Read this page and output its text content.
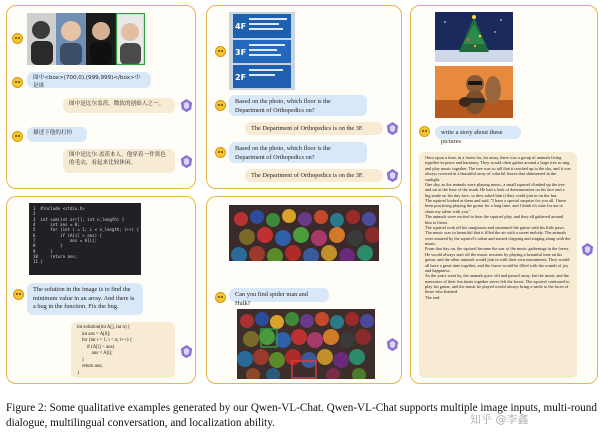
图中<box>(700,0),(999,999)</box>中是谁
图中是比尔盖茨，微软的创始人之一。
描述下他的打扮
图中是比尔·盖茨本人，他穿着一件黑色的毛衣，看起来比较休闲。
4F
3F
2F
Based on the photo, which floor is the Department of Orthopedics on?
The Department of Orthopedics is on the 3F.
Based on the photo, which floor is the Department of Orthopedics on?
The Department of Orthopedics is on the 3F.
write a story about these pictures
Once upon a time, in a forest far, far away, there was a group of animals living together in peace and harmony. They would often gather around a large tree to sing and play music together. The tree was so tall that it reached up to the sky, and it was always covered in a beautiful array of colorful leaves that shimmered in the sunlight.
One day, as the animals were playing music, a small squirrel climbed up the tree and sat at the base of the trunk. He had a look of determination on his face and a big smile on his tiny face, so they asked him if they could join in on the fun.
The squirrel looked at them and said, "I have a special surprise for you all. I have been practicing playing the guitar for a long time, and I think it's time for me to share my talent with you."
The animals were excited to hear the squirrel play, and they all gathered around him to listen.
The squirrel took off his sunglasses and strummed the guitar with his little paws. The music was so beautiful that it filled the air with a sweet melody. The animals were amazed by the squirrel's talent and started clapping and singing along with the music.
From that day on, the squirrel became the star of the music gatherings in the forest. He would always start off the music sessions by playing a beautiful tune on his guitar, and the other animals would join in with their own instruments. They would all have a great time together, and the forest would be filled with the sounds of joy and happiness.
As the years went by, the animals grew old and passed away, but the music and the memories of their fun times together never left the forest. The squirrel continued to play his guitar, and the music he played would always bring a smile to the faces of those who listened.
The end.
1  #include <stdio.h>
2
3  int sum(int arr[], int n_length) {
4      int ans = 0;
5      for (int i = 1; i < n_length; i++) {
6          if (A[i] > ans) {
7              ans = A[i];
8          }
9      }
10     return ans;
11 }
The solution in the image is to find the minimum value in an array. And there is a bug in the function. Fix the bug.
int solution(int A[], int n) {
int ans = A[0];
for (int i = 1; i < n; i++) {
if (A[i] < ans)
ans = A[i];
}
return ans;
}
Can you find spider man and Hulk?

Figure 2: Some qualitative examples generated by our Qwen-VL-Chat. Qwen-VL-Chat supports multiple image inputs, multi-round dialogue, multilingual conversation, and localization ability.	知乎 @李鑫
